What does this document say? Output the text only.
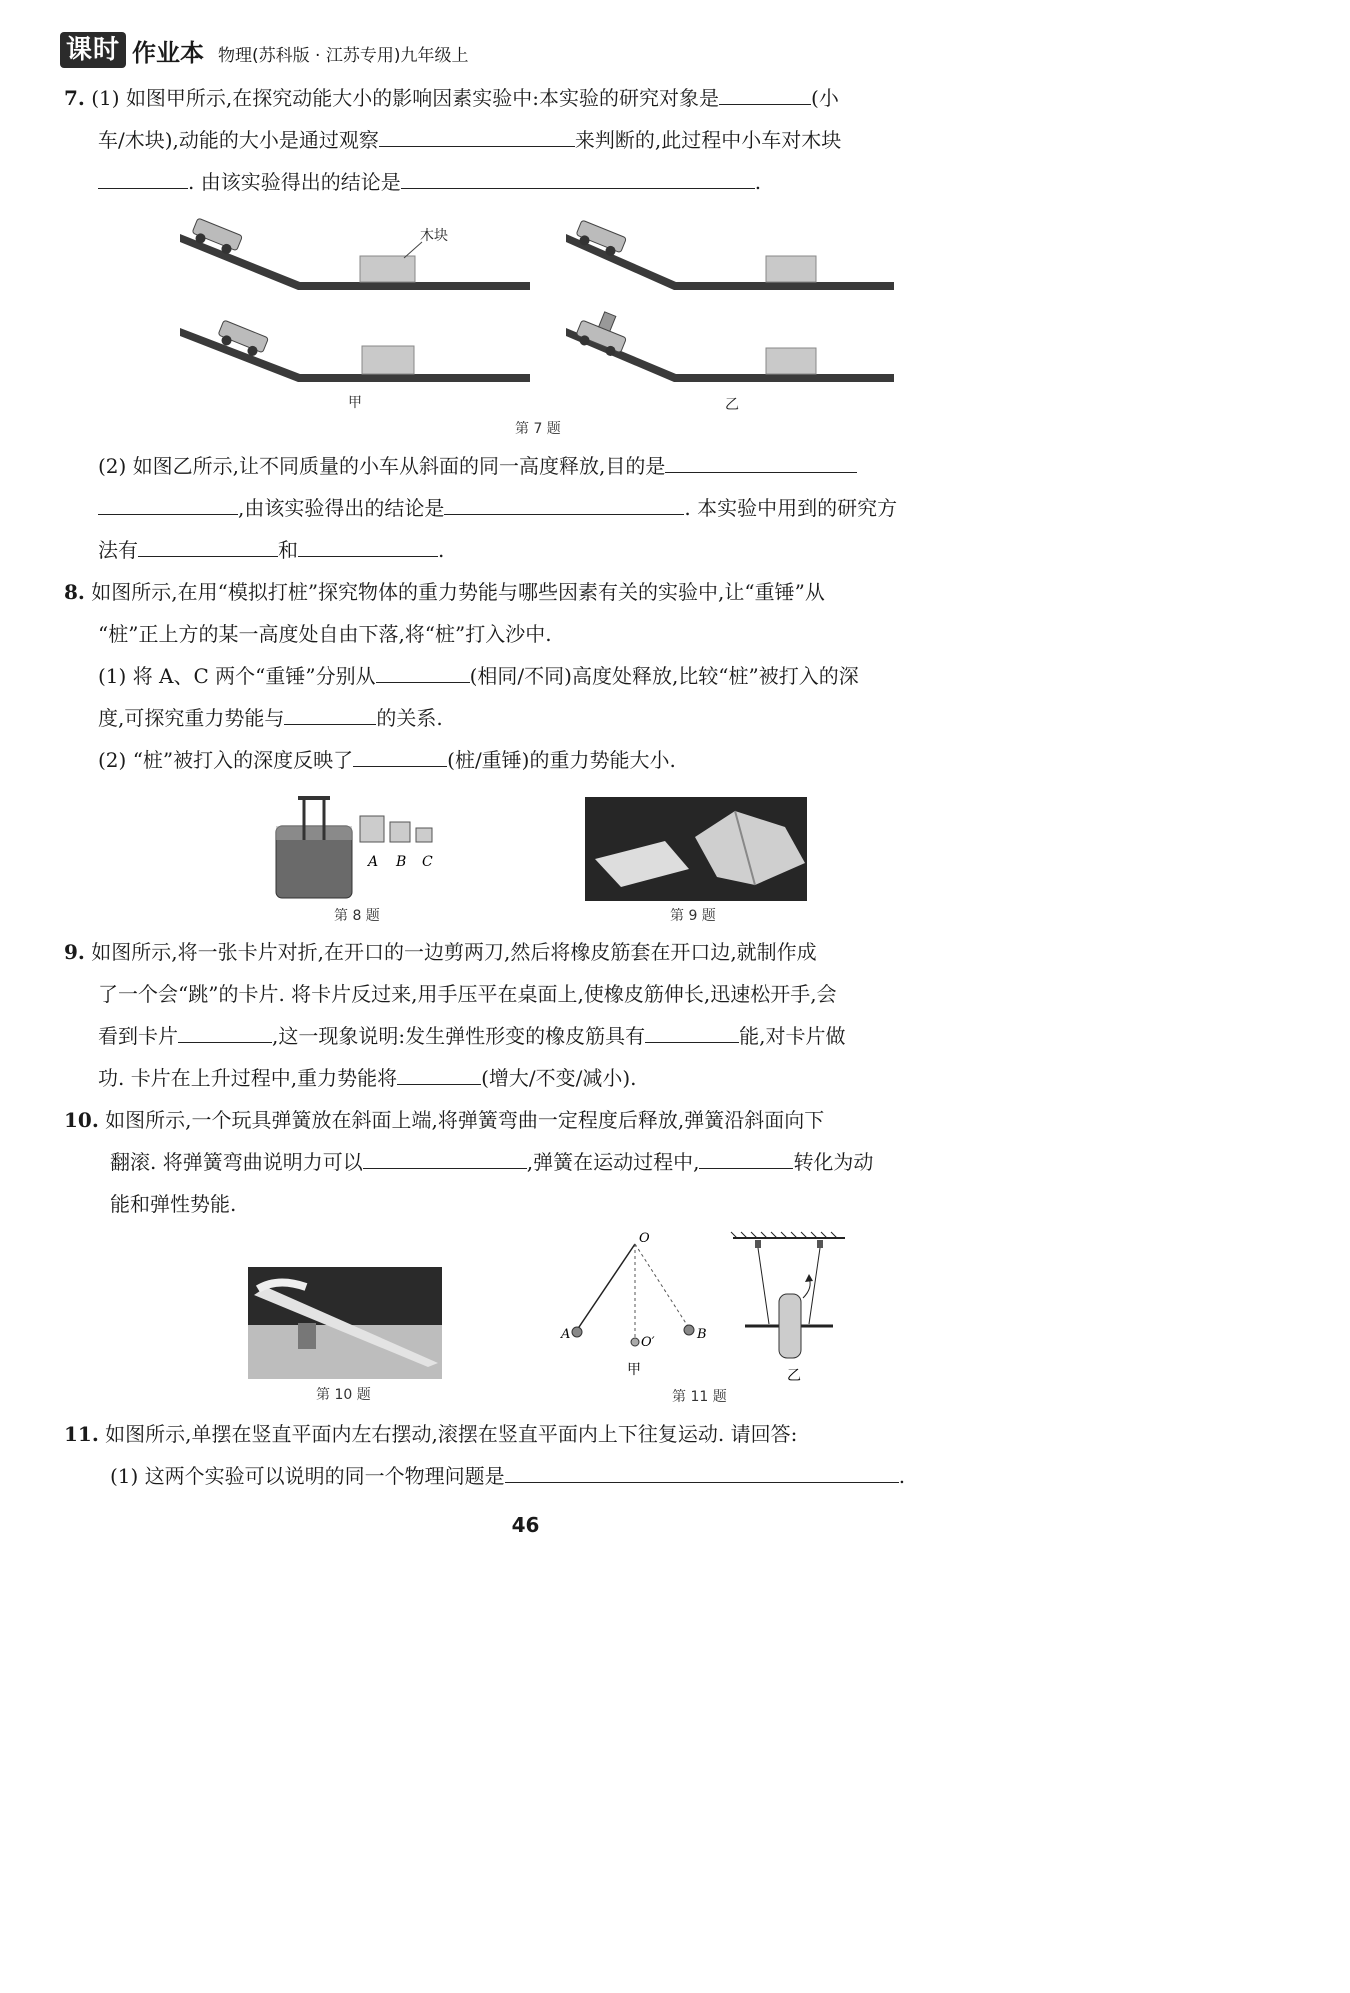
课时 作业本 物理(苏科版 · 江苏专用)九年级上
7. (1) 如图甲所示,在探究动能大小的影响因素实验中:本实验的研究对象是	(小
车/木块),动能的大小是通过观察	来判断的,此过程中小车对木块
. 由该实验得出的结论是	.
木块
甲	乙
第 7 题
(2) 如图乙所示,让不同质量的小车从斜面的同一高度释放,目的是
,由该实验得出的结论是	. 本实验中用到的研究方
法有	和	.
8. 如图所示,在用“模拟打桩”探究物体的重力势能与哪些因素有关的实验中,让“重锤”从
“桩”正上方的某一高度处自由下落,将“桩”打入沙中.
(1) 将 A、C 两个“重锤”分别从	(相同/不同)高度处释放,比较“桩”被打入的深
度,可探究重力势能与	的关系.
(2) “桩”被打入的深度反映了	(桩/重锤)的重力势能大小.
A B C
第 8 题	第 9 题
9. 如图所示,将一张卡片对折,在开口的一边剪两刀,然后将橡皮筋套在开口边,就制作成
了一个会“跳”的卡片. 将卡片反过来,用手压平在桌面上,使橡皮筋伸长,迅速松开手,会
看到卡片	,这一现象说明:发生弹性形变的橡皮筋具有	能,对卡片做
功. 卡片在上升过程中,重力势能将	(增大/不变/减小).
10. 如图所示,一个玩具弹簧放在斜面上端,将弹簧弯曲一定程度后释放,弹簧沿斜面向下
翻滚. 将弹簧弯曲说明力可以	,弹簧在运动过程中,	转化为动
能和弹性势能.
第 10 题
O
A	B
O′
甲	乙
第 11 题
11. 如图所示,单摆在竖直平面内左右摆动,滚摆在竖直平面内上下往复运动. 请回答:
(1) 这两个实验可以说明的同一个物理问题是	.
46
